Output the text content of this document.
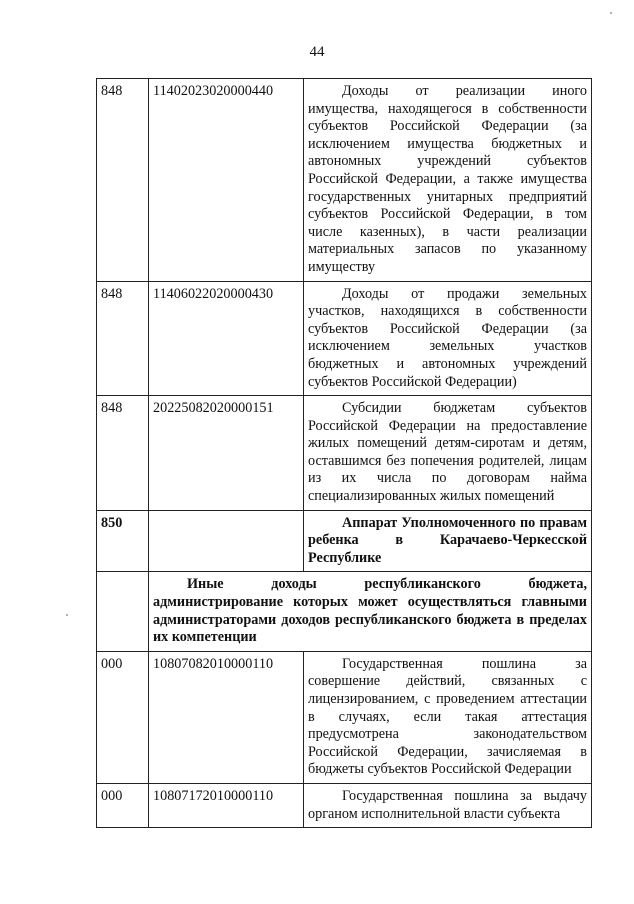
44
848	11402023020000440	Доходы от реализации иного имущества, находящегося в собственности субъектов Российской Федерации (за исключением имущества бюджетных и автономных учреждений субъектов Российской Федерации, а также имущества государственных унитарных предприятий субъектов Российской Федерации, в том числе казенных), в части реализации материальных запасов по указанному имуществу
848	11406022020000430	Доходы от продажи земельных участков, находящихся в собственности субъектов Российской Федерации (за исключением земельных участков бюджетных и автономных учреждений субъектов Российской Федерации)
848	20225082020000151	Субсидии бюджетам субъектов Российской Федерации на предоставление жилых помещений детям-сиротам и детям, оставшимся без попечения родителей, лицам из их числа по договорам найма специализированных жилых помещений
850		Аппарат Уполномоченного по правам ребенка в Карачаево-Черкесской Республике
	Иные доходы республиканского бюджета, администрирование которых может осуществляться главными администраторами доходов республиканского бюджета в пределах их компетенции	
000	10807082010000110	Государственная пошлина за совершение действий, связанных с лицензированием, с проведением аттестации в случаях, если такая аттестация предусмотрена законодательством Российской Федерации, зачисляемая в бюджеты субъектов Российской Федерации
000	10807172010000110	Государственная пошлина за выдачу органом исполнительной власти субъекта
